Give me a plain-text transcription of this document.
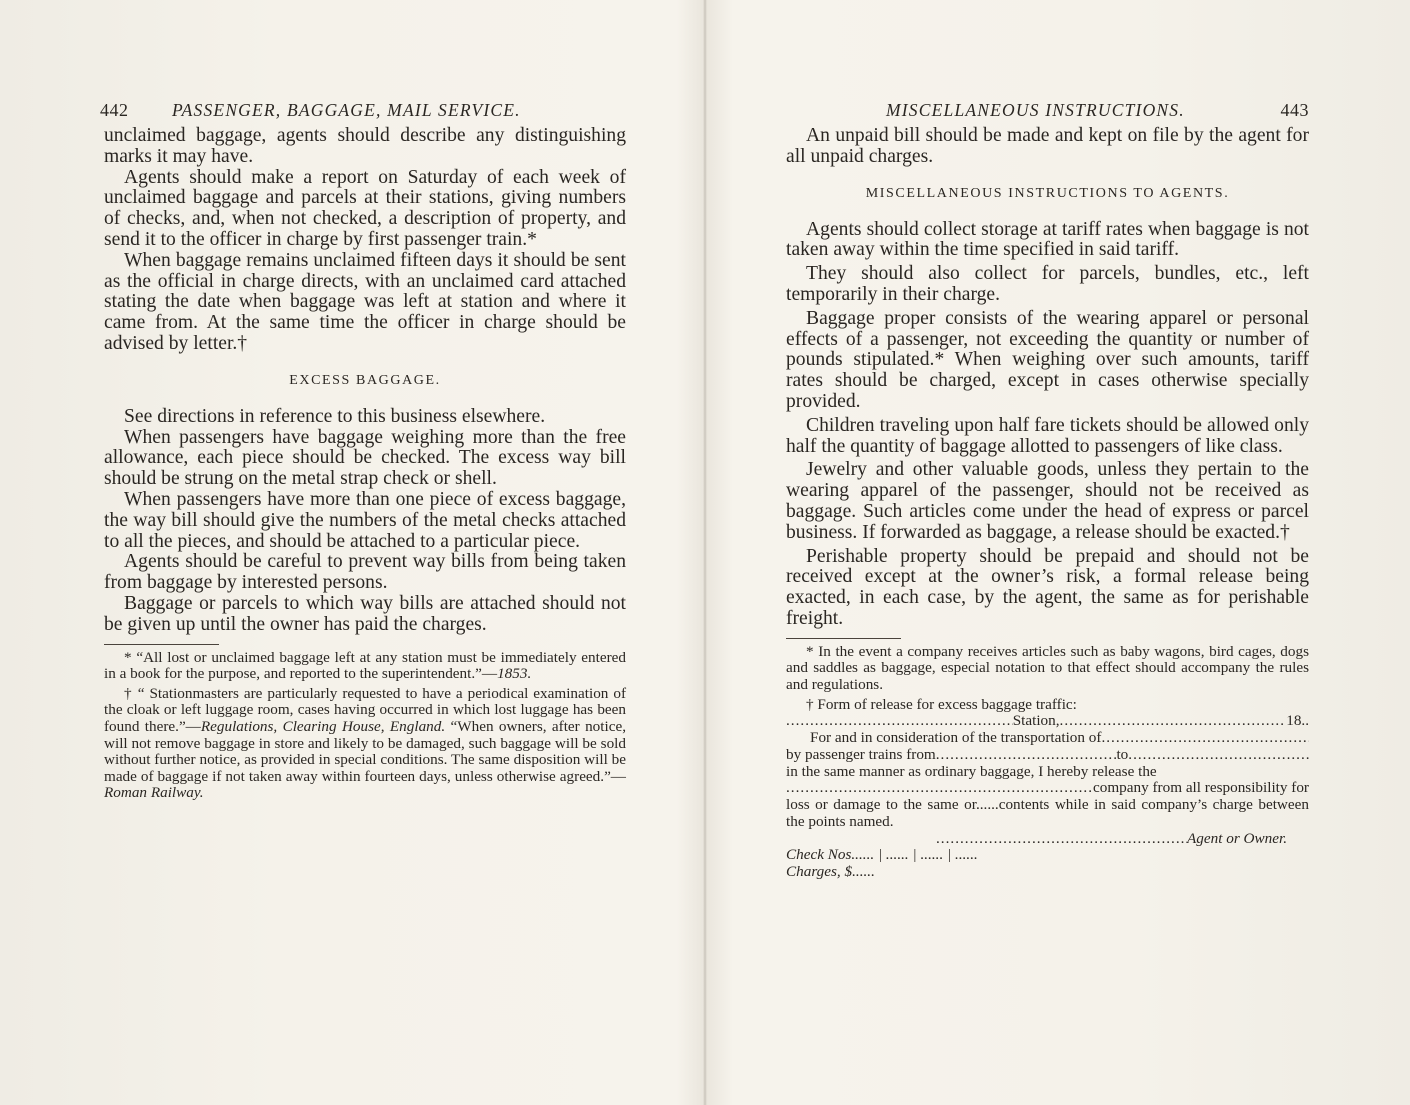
442 PASSENGER, BAGGAGE, MAIL SERVICE.

unclaimed baggage, agents should describe any distinguishing marks it may have.

Agents should make a report on Saturday of each week of unclaimed baggage and parcels at their stations, giving numbers of checks, and, when not checked, a description of property, and send it to the officer in charge by first passenger train.*

When baggage remains unclaimed fifteen days it should be sent as the official in charge directs, with an unclaimed card attached stating the date when baggage was left at station and where it came from. At the same time the officer in charge should be advised by letter.†

EXCESS BAGGAGE.

See directions in reference to this business elsewhere.

When passengers have baggage weighing more than the free allowance, each piece should be checked. The excess way bill should be strung on the metal strap check or shell.

When passengers have more than one piece of excess baggage, the way bill should give the numbers of the metal checks attached to all the pieces, and should be attached to a particular piece.

Agents should be careful to prevent way bills from being taken from baggage by interested persons.

Baggage or parcels to which way bills are attached should not be given up until the owner has paid the charges.

* “All lost or unclaimed baggage left at any station must be immediately entered in a book for the purpose, and reported to the superintendent.”—1853.

† “ Stationmasters are particularly requested to have a periodical examination of the cloak or left luggage room, cases having occurred in which lost luggage has been found there.”—Regulations, Clearing House, England. “When owners, after notice, will not remove baggage in store and likely to be damaged, such baggage will be sold without further notice, as provided in special conditions. The same disposition will be made of baggage if not taken away within fourteen days, unless otherwise agreed.”—Roman Railway.

MISCELLANEOUS INSTRUCTIONS.	443

An unpaid bill should be made and kept on file by the agent for all unpaid charges.

MISCELLANEOUS INSTRUCTIONS TO AGENTS.

Agents should collect storage at tariff rates when baggage is not taken away within the time specified in said tariff.

They should also collect for parcels, bundles, etc., left temporarily in their charge.

Baggage proper consists of the wearing apparel or personal effects of a passenger, not exceeding the quantity or number of pounds stipulated.* When weighing over such amounts, tariff rates should be charged, except in cases otherwise specially provided.

Children traveling upon half fare tickets should be allowed only half the quantity of baggage allotted to passengers of like class.

Jewelry and other valuable goods, unless they pertain to the wearing apparel of the passenger, should not be received as baggage. Such articles come under the head of express or parcel business. If forwarded as baggage, a release should be exacted.†

Perishable property should be prepaid and should not be received except at the owner’s risk, a formal release being exacted, in each case, by the agent, the same as for perishable freight.

* In the event a company receives articles such as baby wagons, bird cages, dogs and saddles as baggage, especial notation to that effect should accompany the rules and regulations.

† Form of release for excess baggage traffic:

.....
Station, .....	18..
For and in consideration of the transportation of
.....
by passenger trains from .....	to
.....
in the same manner as ordinary baggage, I hereby release the
.....
company from all responsibility for
loss or damage to the same or......contents while in said company’s charge between the points named.
.....
Agent or Owner.
Check Nos...... | ...... | ...... | ......
Charges, $......
